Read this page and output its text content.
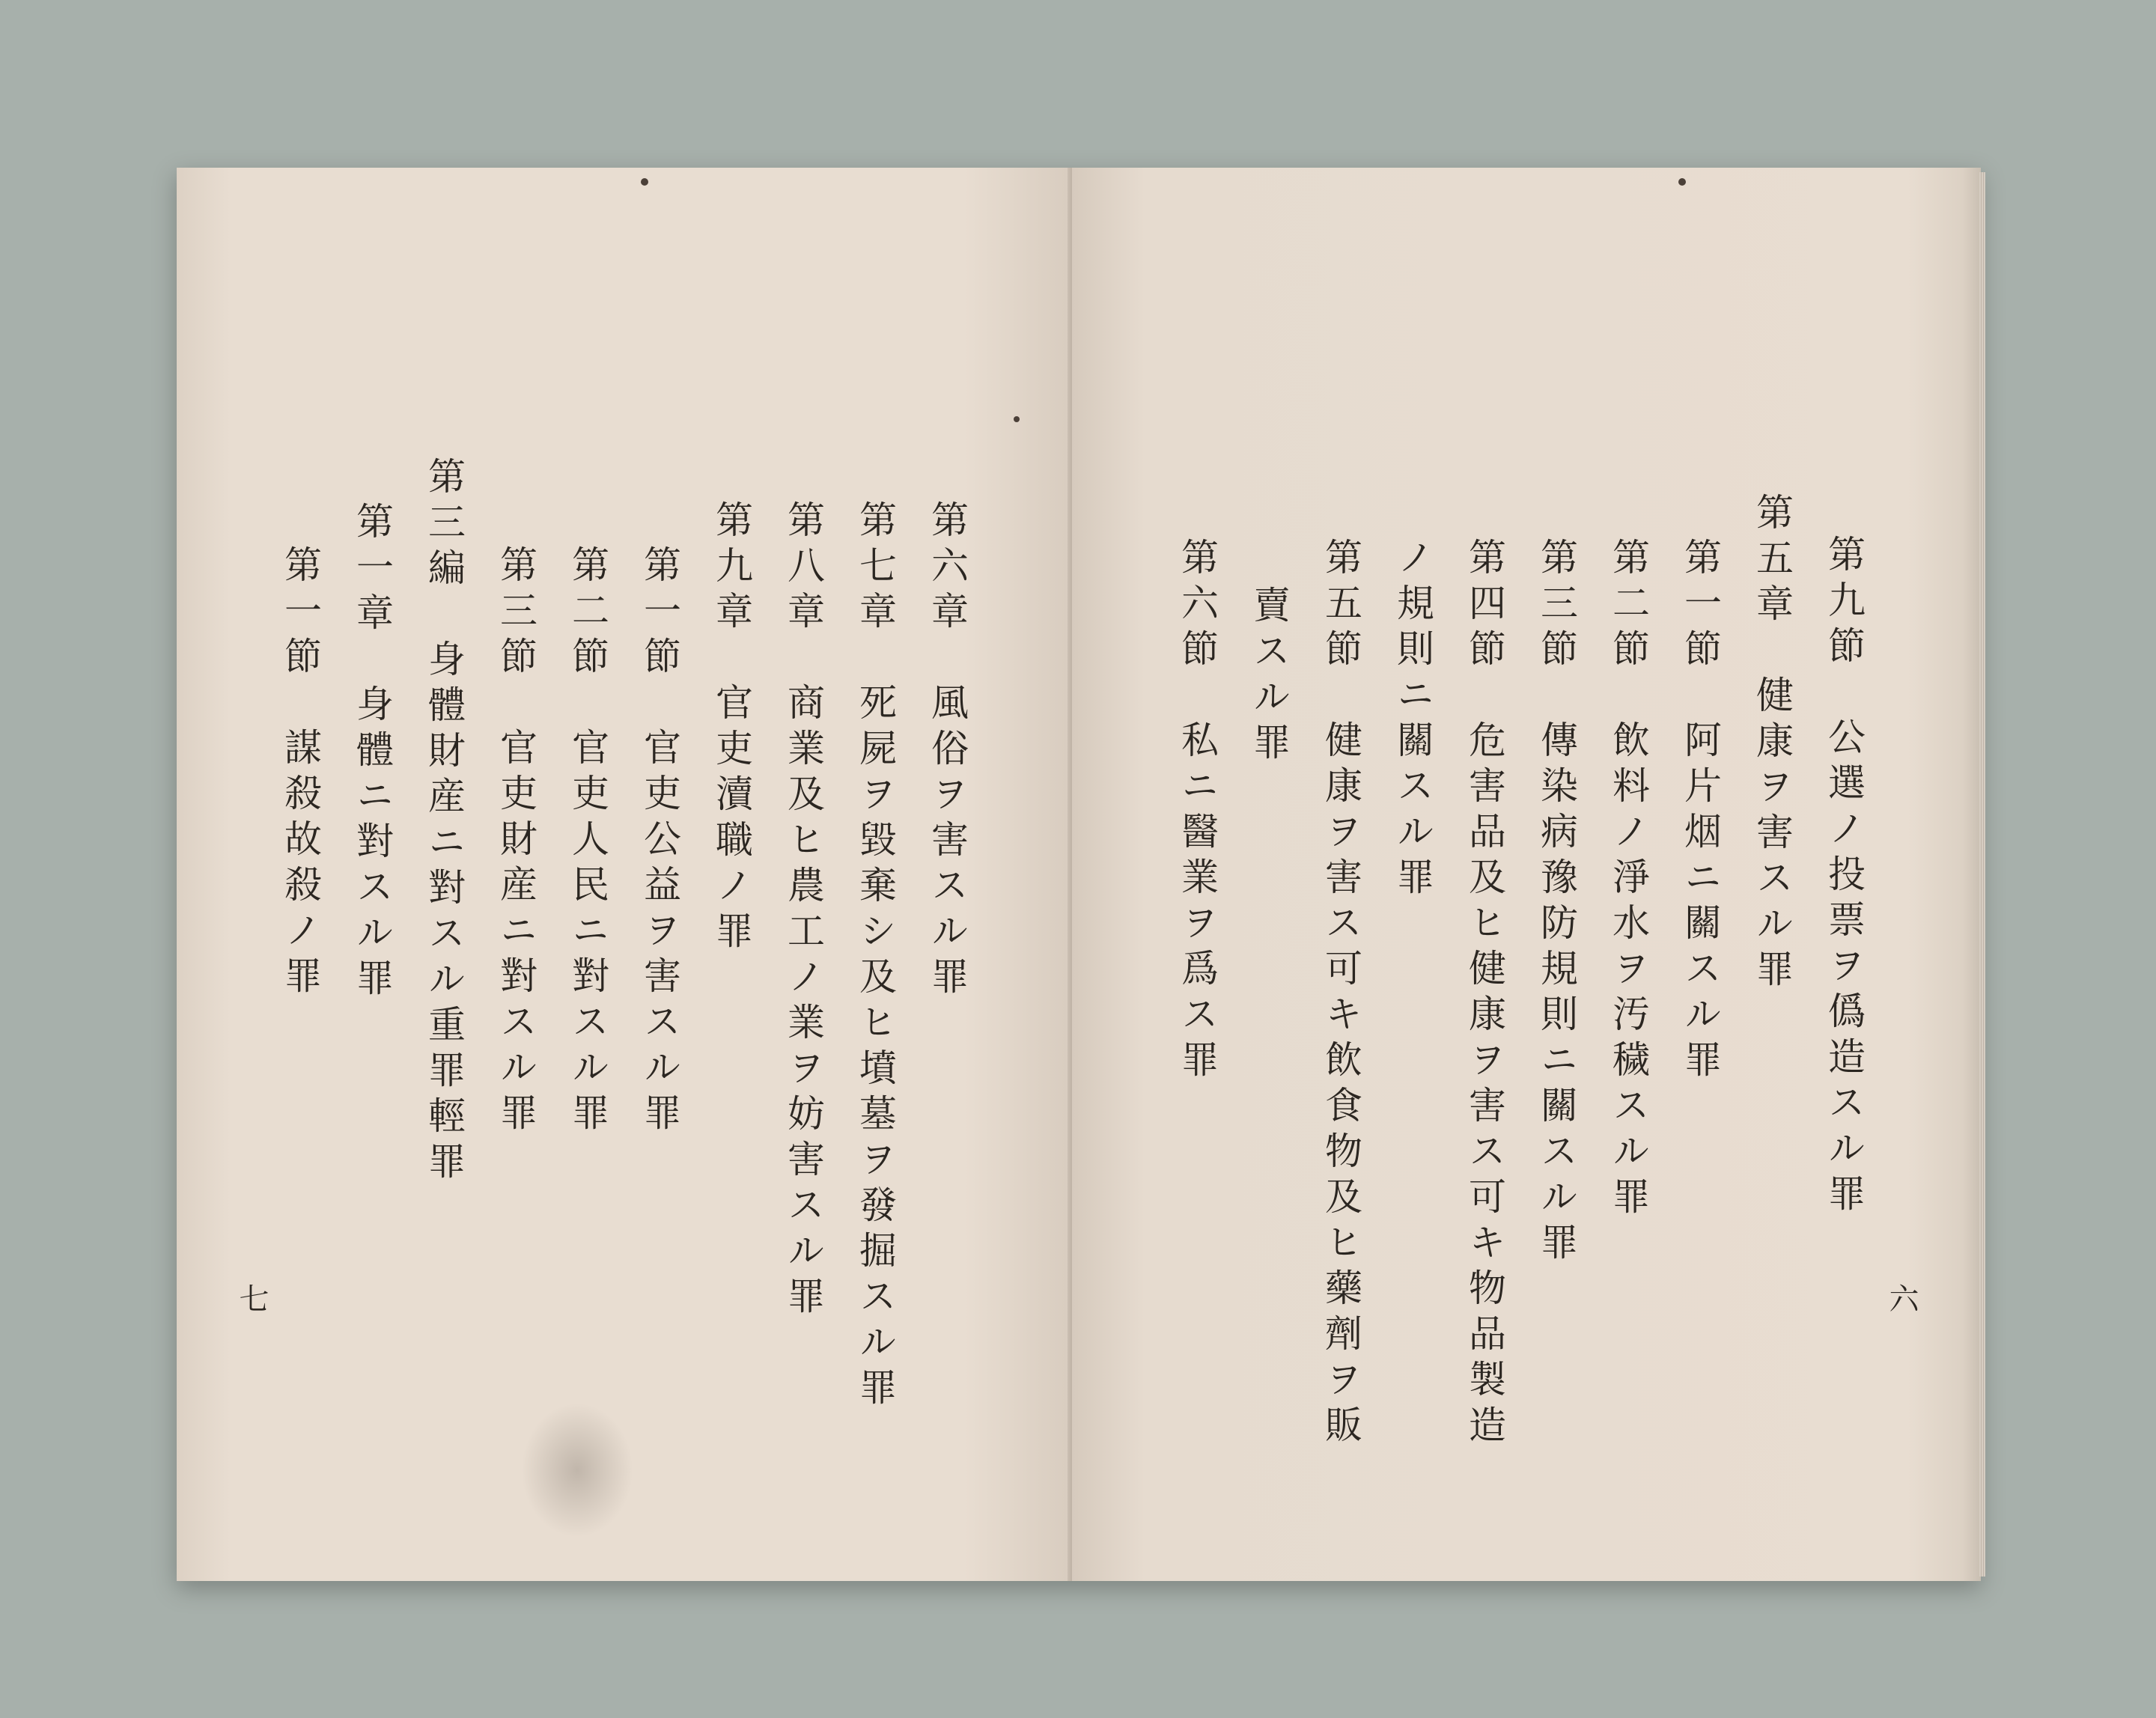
第六章　風俗ヲ害スル罪
第七章　死屍ヲ毀棄シ及ヒ墳墓ヲ發掘スル罪
第八章　商業及ヒ農工ノ業ヲ妨害スル罪
第九章　官吏瀆職ノ罪
第一節　官吏公益ヲ害スル罪
第二節　官吏人民ニ對スル罪
第三節　官吏財産ニ對スル罪
第三編　身體財産ニ對スル重罪輕罪
第一章　身體ニ對スル罪
第一節　謀殺故殺ノ罪
七
第九節　公選ノ投票ヲ僞造スル罪
第五章　健康ヲ害スル罪
第一節　阿片烟ニ關スル罪
第二節　飲料ノ淨水ヲ汚穢スル罪
第三節　傳染病豫防規則ニ關スル罪
第四節　危害品及ヒ健康ヲ害ス可キ物品製造
ノ規則ニ關スル罪
第五節　健康ヲ害ス可キ飲食物及ヒ藥劑ヲ販
賣スル罪
第六節　私ニ醫業ヲ爲ス罪
六
